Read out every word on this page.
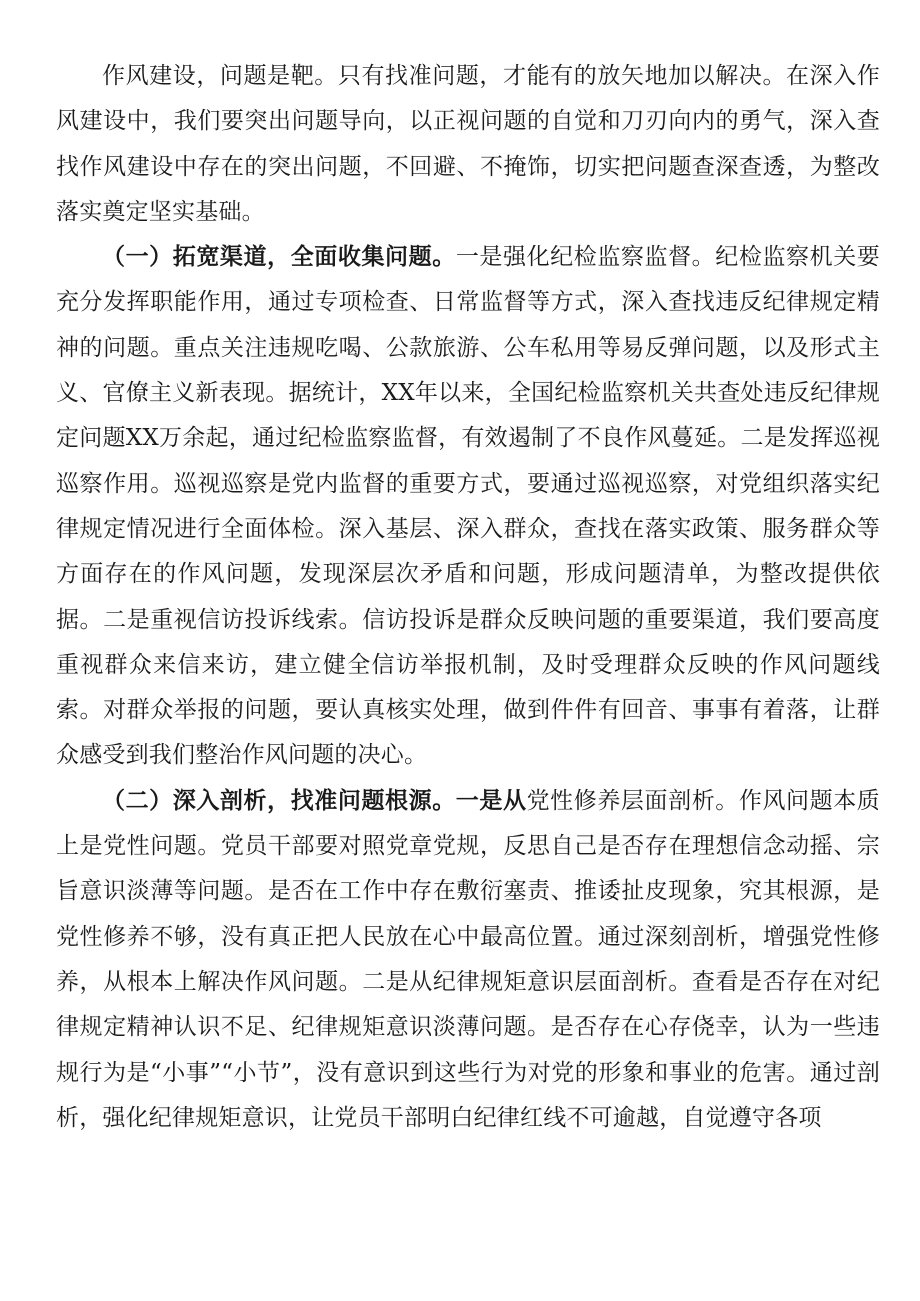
作风建设，问题是靶。只有找准问题，才能有的放矢地加以解决。在深入作风建设中，我们要突出问题导向，以正视问题的自觉和刀刃向内的勇气，深入查找作风建设中存在的突出问题，不回避、不掩饰，切实把问题查深查透，为整改落实奠定坚实基础。

（一）拓宽渠道，全面收集问题。一是强化纪检监察监督。纪检监察机关要充分发挥职能作用，通过专项检查、日常监督等方式，深入查找违反纪律规定精神的问题。重点关注违规吃喝、公款旅游、公车私用等易反弹问题，以及形式主义、官僚主义新表现。据统计，XX年以来，全国纪检监察机关共查处违反纪律规定问题XX万余起，通过纪检监察监督，有效遏制了不良作风蔓延。二是发挥巡视巡察作用。巡视巡察是党内监督的重要方式，要通过巡视巡察，对党组织落实纪律规定情况进行全面体检。深入基层、深入群众，查找在落实政策、服务群众等方面存在的作风问题，发现深层次矛盾和问题，形成问题清单，为整改提供依据。二是重视信访投诉线索。信访投诉是群众反映问题的重要渠道，我们要高度重视群众来信来访，建立健全信访举报机制，及时受理群众反映的作风问题线索。对群众举报的问题，要认真核实处理，做到件件有回音、事事有着落，让群众感受到我们整治作风问题的决心。

（二）深入剖析，找准问题根源。一是从党性修养层面剖析。作风问题本质上是党性问题。党员干部要对照党章党规，反思自己是否存在理想信念动摇、宗旨意识淡薄等问题。是否在工作中存在敷衍塞责、推诿扯皮现象，究其根源，是党性修养不够，没有真正把人民放在心中最高位置。通过深刻剖析，增强党性修养，从根本上解决作风问题。二是从纪律规矩意识层面剖析。查看是否存在对纪律规定精神认识不足、纪律规矩意识淡薄问题。是否存在心存侥幸，认为一些违规行为是“小事”“小节”，没有意识到这些行为对党的形象和事业的危害。通过剖析，强化纪律规矩意识，让党员干部明白纪律红线不可逾越，自觉遵守各项
